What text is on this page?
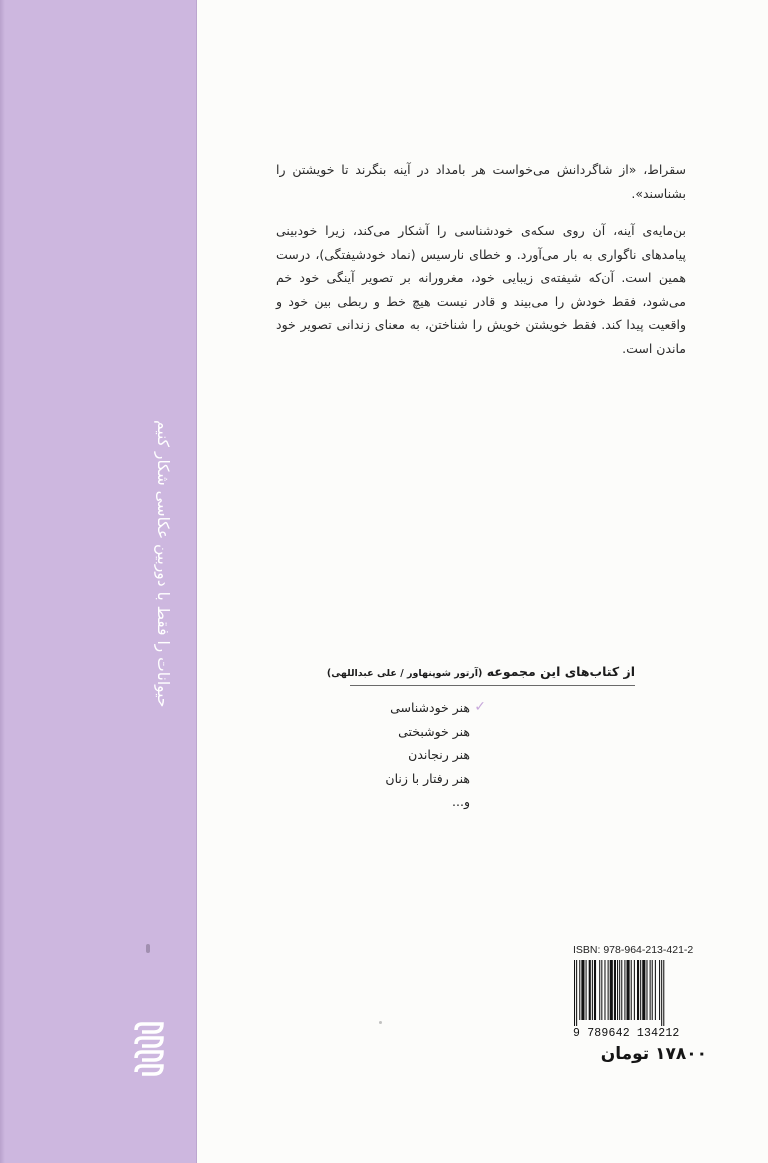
حیوانات را فقط با دوربین عکاسی شکار کنیم

سقراط، «از شاگردانش می‌خواست هر بامداد در آینه بنگرند تا خویشتن را بشناسند».

بن‌مایه‌ی آینه، آن روی سکه‌ی خودشناسی را آشکار می‌کند، زیرا خودبینی پیامدهای ناگواری به بار می‌آورد. و خطای نارسیس (نماد خودشیفتگی)، درست همین است. آن‌که شیفته‌ی زیبایی خود، مغرورانه بر تصویر آینگی خود خم می‌شود، فقط خودش را می‌بیند و قادر نیست هیچ خط و ربطی بین خود و واقعیت پیدا کند. فقط خویشتن خویش را شناختن، به معنای زندانی تصویر خود ماندن است.

از کتاب‌های این مجموعه (آرتور شوپنهاور / علی عبداللهی)
✓
هنر خودشناسی
هنر خوشبختی
هنر رنجاندن
هنر رفتار با زنان
و...
ISBN: 978-964-213-421-2
9 789642 134212
۱۷۸۰۰ تومان
